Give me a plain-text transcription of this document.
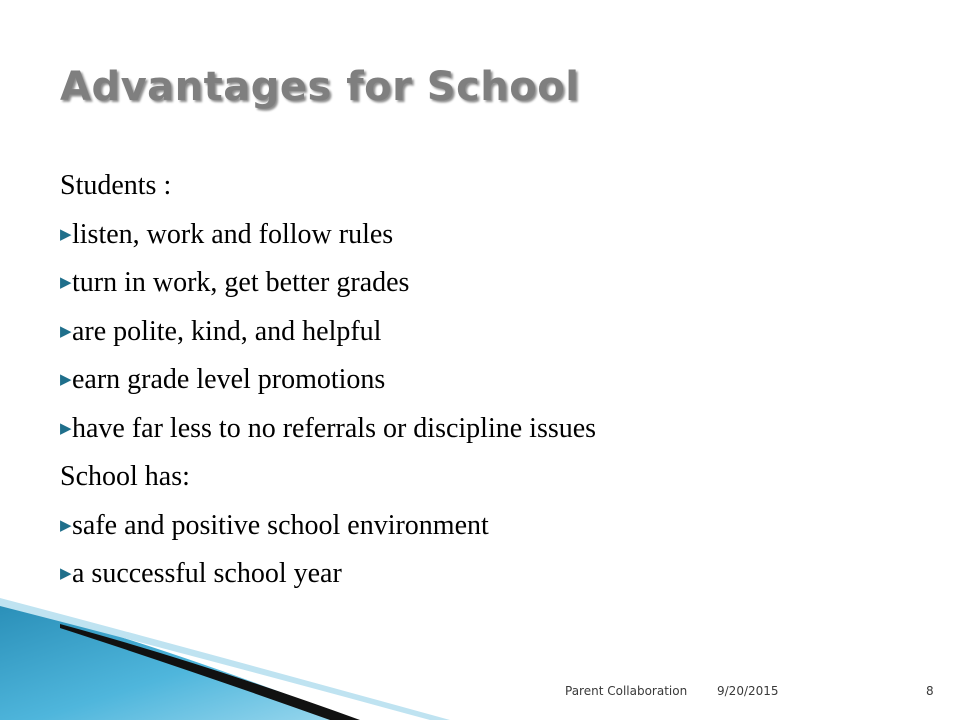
Advantages for School
Students :
▶listen, work and follow rules
▶turn in work, get better grades
▶are polite, kind, and helpful
▶earn grade level promotions
▶have far less to no referrals or discipline issues
School has:
▶safe and positive school environment
▶a successful school year
Parent Collaboration 9/20/2015	8
